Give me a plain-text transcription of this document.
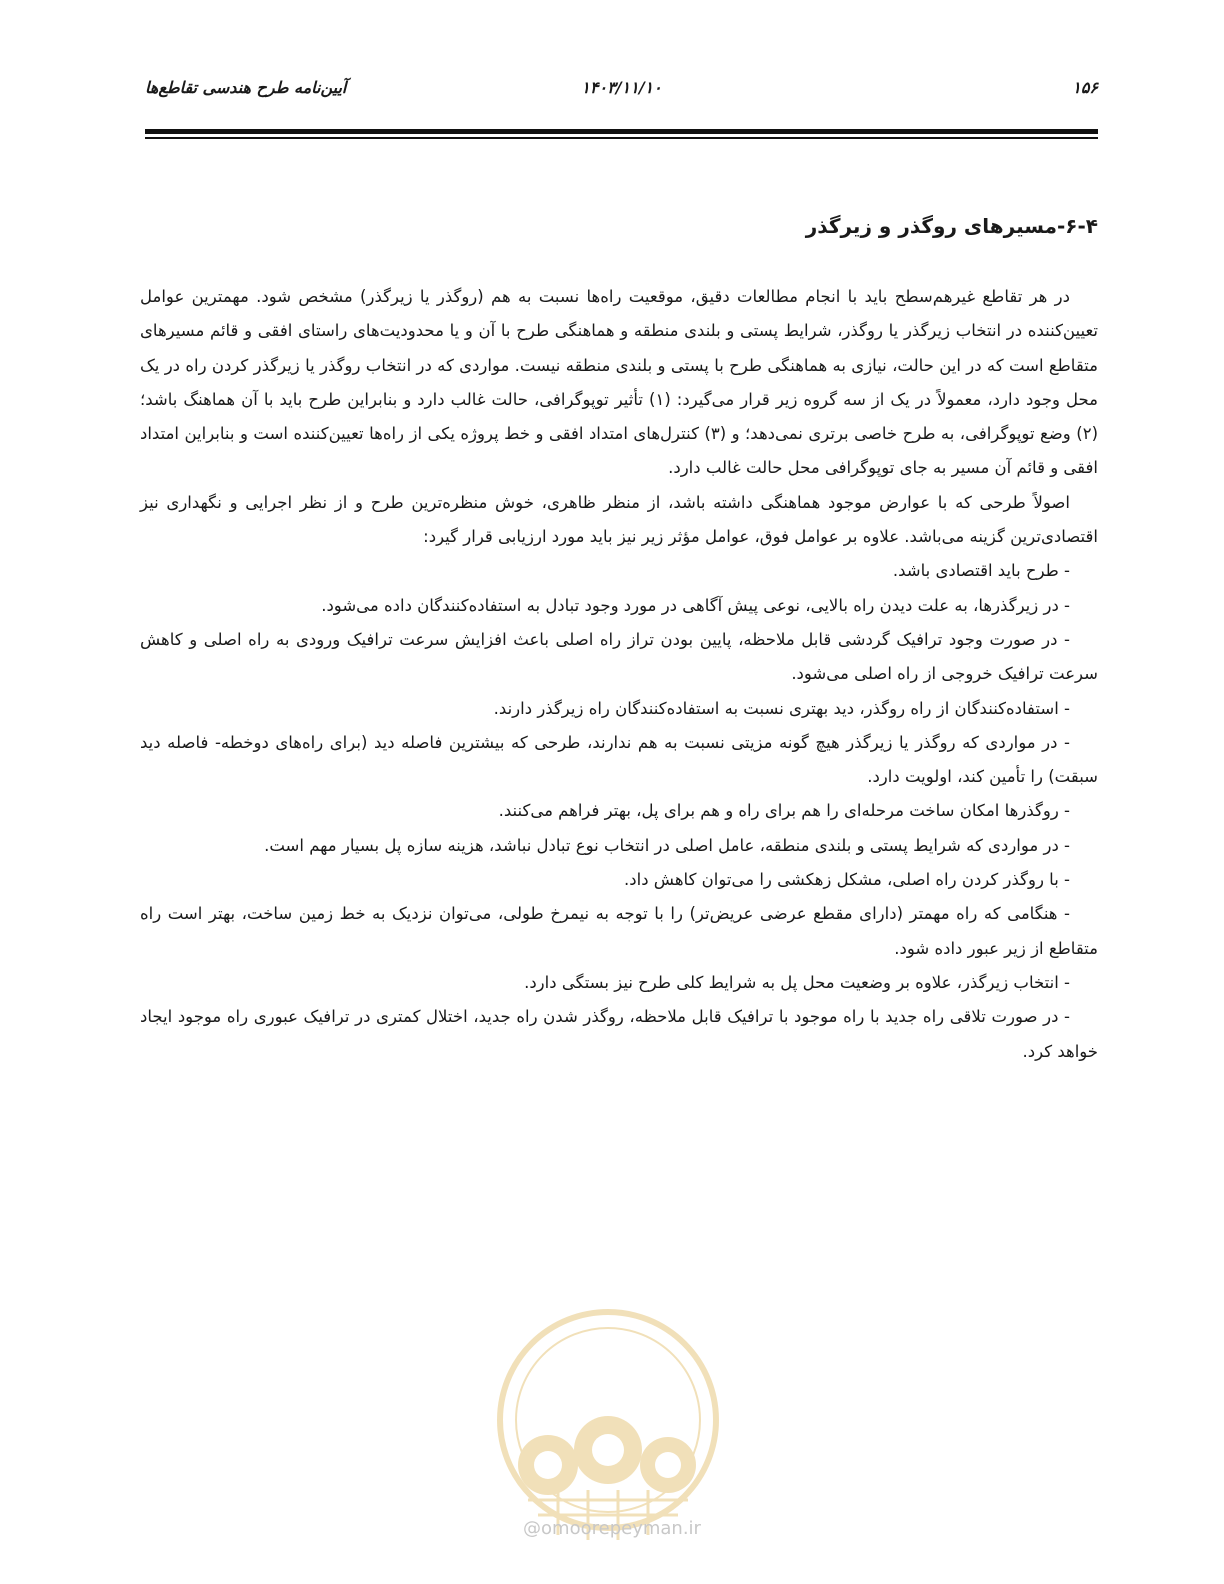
۱۵۶
۱۴۰۳/۱۱/۱۰
آیین‌نامه طرح هندسی تقاطع‌ها
۶-۴-مسیرهای روگذر و زیرگذر

در هر تقاطع غیرهم‌سطح باید با انجام مطالعات دقیق، موقعیت راه‌ها نسبت به هم (روگذر یا زیرگذر) مشخص شود. مهمترین عوامل تعیین‌کننده در انتخاب زیرگذر یا روگذر، شرایط پستی و بلندی منطقه و هماهنگی طرح با آن و یا محدودیت‌های راستای افقی و قائم مسیرهای متقاطع است که در این حالت، نیازی به هماهنگی طرح با پستی و بلندی منطقه نیست. مواردی که در انتخاب روگذر یا زیرگذر کردن راه در یک محل وجود دارد، معمولاً در یک از سه گروه زیر قرار می‌گیرد: (۱) تأثیر توپوگرافی، حالت غالب دارد و بنابراین طرح باید با آن هماهنگ باشد؛ (۲) وضع توپوگرافی، به طرح خاصی برتری نمی‌دهد؛ و (۳) کنترل‌های امتداد افقی و خط پروژه یکی از راه‌ها تعیین‌کننده است و بنابراین امتداد افقی و قائم آن مسیر به جای توپوگرافی محل حالت غالب دارد.

اصولاً طرحی که با عوارض موجود هماهنگی داشته باشد، از منظر ظاهری، خوش منظره‌ترین طرح و از نظر اجرایی و نگهداری نیز اقتصادی‌ترین گزینه می‌باشد. علاوه بر عوامل فوق، عوامل مؤثر زیر نیز باید مورد ارزیابی قرار گیرد:

- طرح باید اقتصادی باشد.

- در زیرگذرها، به علت دیدن راه بالایی، نوعی پیش آگاهی در مورد وجود تبادل به استفاده‌کنندگان داده می‌شود.

- در صورت وجود ترافیک گردشی قابل ملاحظه، پایین بودن تراز راه اصلی باعث افزایش سرعت ترافیک ورودی به راه اصلی و کاهش سرعت ترافیک خروجی از راه اصلی می‌شود.

- استفاده‌کنندگان از راه روگذر، دید بهتری نسبت به استفاده‌کنندگان راه زیرگذر دارند.

- در مواردی که روگذر یا زیرگذر هیچ گونه مزیتی نسبت به هم ندارند، طرحی که بیشترین فاصله دید (برای راه‌های دوخطه- فاصله دید سبقت) را تأمین کند، اولویت دارد.

- روگذرها امکان ساخت مرحله‌ای را هم برای راه و هم برای پل، بهتر فراهم می‌کنند.

- در مواردی که شرایط پستی و بلندی منطقه، عامل اصلی در انتخاب نوع تبادل نباشد، هزینه سازه پل بسیار مهم است.

- با روگذر کردن راه اصلی، مشکل زهکشی را می‌توان کاهش داد.

- هنگامی که راه مهمتر (دارای مقطع عرضی عریض‌تر) را با توجه به نیمرخ طولی، می‌توان نزدیک به خط زمین ساخت، بهتر است راه متقاطع از زیر عبور داده شود.

- انتخاب زیرگذر، علاوه بر وضعیت محل پل به شرایط کلی طرح نیز بستگی دارد.

- در صورت تلاقی راه جدید با راه موجود با ترافیک قابل ملاحظه، روگذر شدن راه جدید، اختلال کمتری در ترافیک عبوری راه موجود ایجاد خواهد کرد.

@omoorepeyman.ir
